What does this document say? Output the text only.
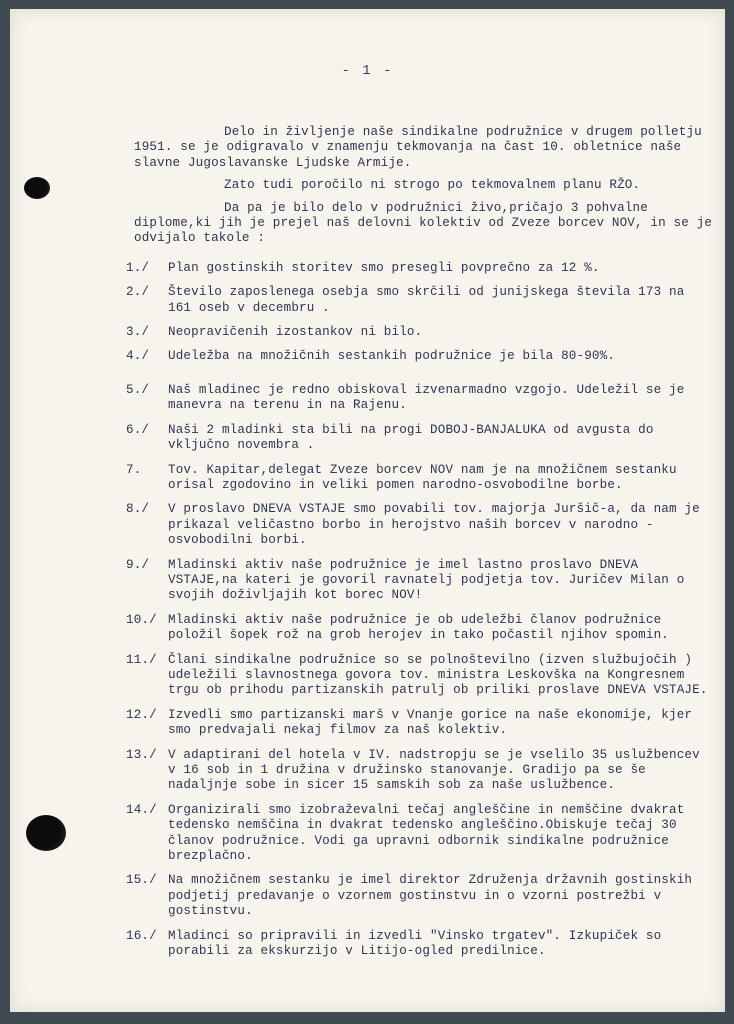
- 1 -

Delo in življenje naše sindikalne podružnice v drugem polletju 1951. se je odigravalo v znamenju tekmovanja na čast 10. obletnice naše slavne Jugoslavanske Ljudske Armije.

Zato tudi poročilo ni strogo po tekmovalnem planu RŽO.

Da pa je bilo delo v podružnici živo,pričajo 3 pohvalne diplome,ki jih je prejel naš delovni kolektiv od Zveze borcev NOV, in se je odvijalo takole :

1./	Plan gostinskih storitev smo presegli povprečno za 12 %.
2./	Število zaposlenega osebja smo skrčili od junijskega števila 173 na 161 oseb v decembru .
3./	Neopravičenih izostankov ni bilo.
4./	Udeležba na množičnih sestankih podružnice je bila 80-90%.
5./	Naš mladinec je redno obiskoval izvenarmadno vzgojo. Udeležil se je manevra na terenu in na Rajenu.
6./	Naši 2 mladinki sta bili na progi DOBOJ-BANJALUKA od avgusta do vključno novembra .
7.	Tov. Kapitar,delegat Zveze borcev NOV nam je na množičnem sestanku orisal zgodovino in veliki pomen narodno-osvobodilne borbe.
8./	V proslavo DNEVA VSTAJE smo povabili tov. majorja Juršič-a, da nam je prikazal veličastno borbo in herojstvo naših borcev v narodno - osvobodilni borbi.
9./	Mladinski aktiv naše podružnice je imel lastno proslavo DNEVA VSTAJE,na kateri je govoril ravnatelj podjetja tov. Juričev Milan o svojih doživljajih kot borec NOV!
10./ Mladinski aktiv naše podružnice je ob udeležbi članov podružnice položil šopek rož na grob herojev in tako počastil njihov spomin.
11./ Člani sindikalne podružnice so se polnoštevilno (izven službujočih ) udeležili slavnostnega govora tov. ministra Leskovška na Kongresnem trgu ob prihodu partizanskih patrulj ob priliki proslave DNEVA VSTAJE.
12./ Izvedli smo partizanski marš v Vnanje gorice na naše ekonomije, kjer smo predvajali nekaj filmov za naš kolektiv.
13./ V adaptirani del hotela v IV. nadstropju se je vselilo 35 uslužbencev v 16 sob in 1 družina v družinsko stanovanje. Gradijo pa se še nadaljnje sobe in sicer 15 samskih sob za naše uslužbence.
14./ Organizirali smo izobraževalni tečaj angleščine in nemščine dvakrat tedensko nemščina in dvakrat tedensko angleščino.Obiskuje tečaj 30 članov podružnice. Vodi ga upravni odbornik sindikalne podružnice brezplačno.
15./ Na množičnem sestanku je imel direktor Združenja državnih gostinskih podjetij predavanje o vzornem gostinstvu in o vzorni postrežbi v gostinstvu.
16./ Mladinci so pripravili in izvedli "Vinsko trgatev". Izkupiček so porabili za ekskurzijo v Litijo-ogled predilnice.
